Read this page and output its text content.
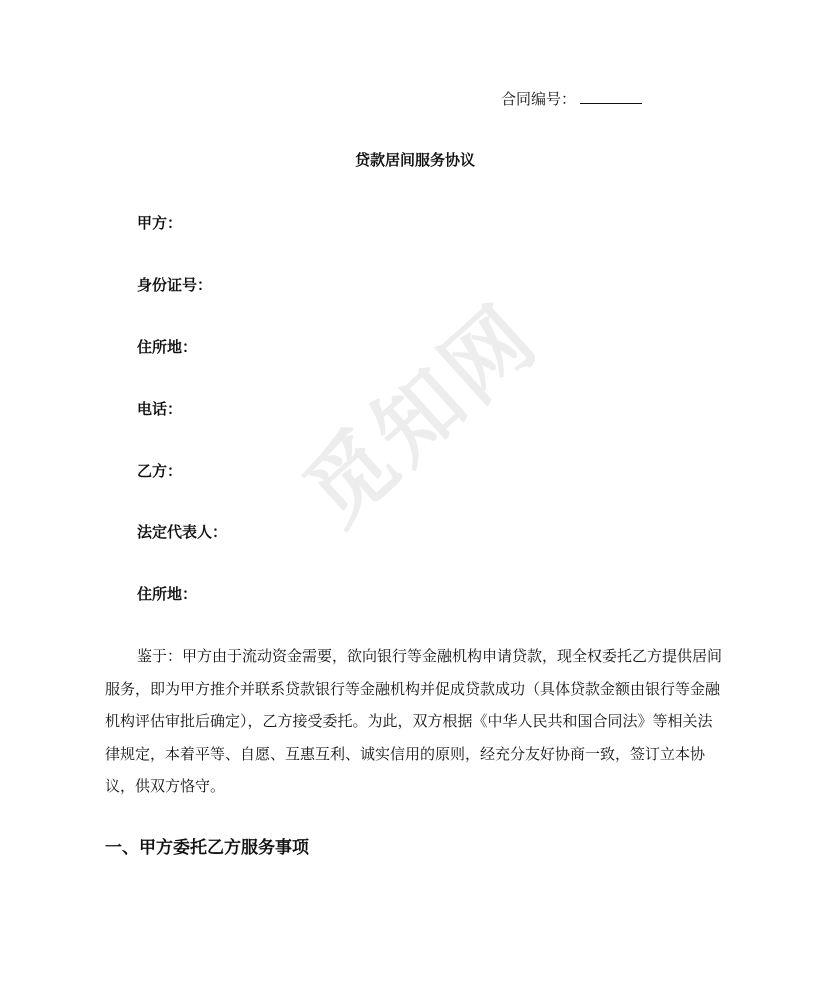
觅知网
合同编号：
贷款居间服务协议
甲方：
身份证号：
住所地：
电话：
乙方：
法定代表人：
住所地：

鉴于：甲方由于流动资金需要，欲向银行等金融机构申请贷款，现全权委托乙方提供居间服务，即为甲方推介并联系贷款银行等金融机构并促成贷款成功（具体贷款金额由银行等金融机构评估审批后确定），乙方接受委托。为此，双方根据《中华人民共和国合同法》等相关法律规定，本着平等、自愿、互惠互利、诚实信用的原则，经充分友好协商一致，签订立本协议，供双方恪守。

一、甲方委托乙方服务事项
